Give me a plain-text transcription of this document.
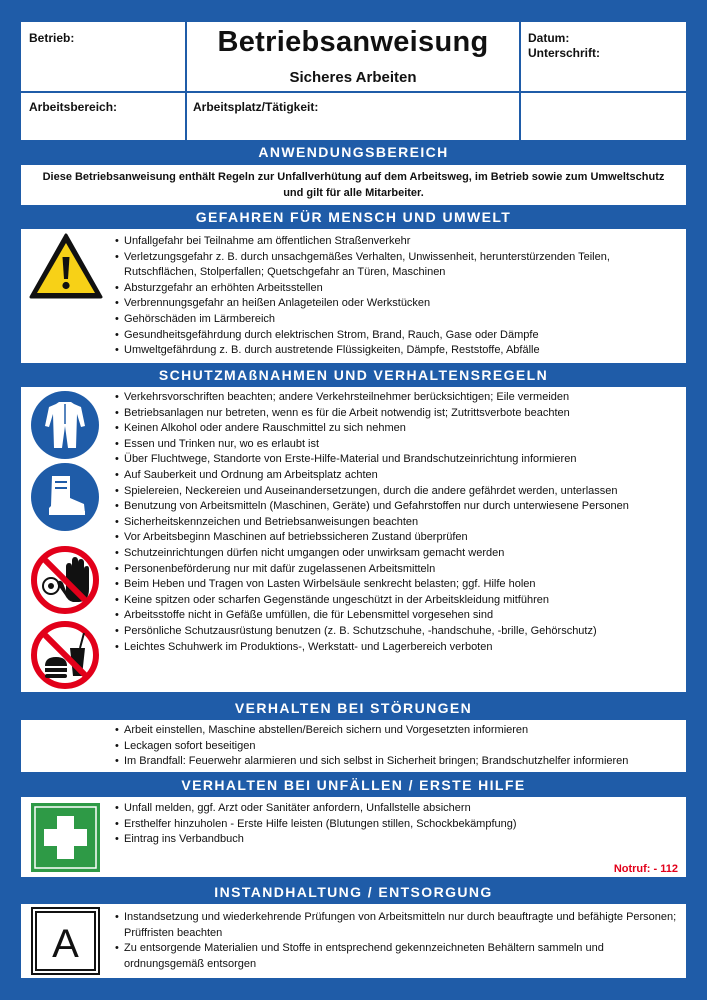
Betrieb:	Betriebsanweisung
Sicheres Arbeiten
Datum:
Unterschrift:
Arbeitsbereich:	Arbeitsplatz/Tätigkeit:
ANWENDUNGSBEREICH
Diese Betriebsanweisung enthält Regeln zur Unfallverhütung auf dem Arbeitsweg, im Betrieb sowie zum Umweltschutz
und gilt für alle Mitarbeiter.
GEFAHREN FÜR MENSCH UND UMWELT
• Unfallgefahr bei Teilnahme am öffentlichen Straßenverkehr
• Verletzungsgefahr z. B. durch unsachgemäßes Verhalten, Unwissenheit, herunterstürzenden Teilen, Rutschflächen, Stolperfallen; Quetschgefahr an Türen, Maschinen
• Absturzgefahr an erhöhten Arbeitsstellen
• Verbrennungsgefahr an heißen Anlageteilen oder Werkstücken
• Gehörschäden im Lärmbereich
• Gesundheitsgefährdung durch elektrischen Strom, Brand, Rauch, Gase oder Dämpfe
• Umweltgefährdung z. B. durch austretende Flüssigkeiten, Dämpfe, Reststoffe, Abfälle
SCHUTZMAßNAHMEN UND VERHALTENSREGELN
• Verkehrsvorschriften beachten; andere Verkehrsteilnehmer berücksichtigen; Eile vermeiden
• Betriebsanlagen nur betreten, wenn es für die Arbeit notwendig ist; Zutrittsverbote beachten
• Keinen Alkohol oder andere Rauschmittel zu sich nehmen
• Essen und Trinken nur, wo es erlaubt ist
• Über Fluchtwege, Standorte von Erste-Hilfe-Material und Brandschutzeinrichtung informieren
• Auf Sauberkeit und Ordnung am Arbeitsplatz achten
• Spielereien, Neckereien und Auseinandersetzungen, durch die andere gefährdet werden, unterlassen
• Benutzung von Arbeitsmitteln (Maschinen, Geräte) und Gefahrstoffen nur durch unterwiesene Personen
• Sicherheitskennzeichen und Betriebsanweisungen beachten
• Vor Arbeitsbeginn Maschinen auf betriebssicheren Zustand überprüfen
• Schutzeinrichtungen dürfen nicht umgangen oder unwirksam gemacht werden
• Personenbeförderung nur mit dafür zugelassenen Arbeitsmitteln
• Beim Heben und Tragen von Lasten Wirbelsäule senkrecht belasten; ggf. Hilfe holen
• Keine spitzen oder scharfen Gegenstände ungeschützt in der Arbeitskleidung mitführen
• Arbeitsstoffe nicht in Gefäße umfüllen, die für Lebensmittel vorgesehen sind
• Persönliche Schutzausrüstung benutzen (z. B. Schutzschuhe, -handschuhe, -brille, Gehörschutz)
• Leichtes Schuhwerk im Produktions-, Werkstatt- und Lagerbereich verboten
VERHALTEN BEI STÖRUNGEN
• Arbeit einstellen, Maschine abstellen/Bereich sichern und Vorgesetzten informieren
• Leckagen sofort beseitigen
• Im Brandfall: Feuerwehr alarmieren und sich selbst in Sicherheit bringen; Brandschutzhelfer informieren
VERHALTEN BEI UNFÄLLEN / ERSTE HILFE
• Unfall melden, ggf. Arzt oder Sanitäter anfordern, Unfallstelle absichern
• Ersthelfer hinzuholen - Erste Hilfe leisten (Blutungen stillen, Schockbekämpfung)
• Eintrag ins Verbandbuch
Notruf: - 112
INSTANDHALTUNG / ENTSORGUNG
A
• Instandsetzung und wiederkehrende Prüfungen von Arbeitsmitteln nur durch beauftragte und befähigte Personen; Prüffristen beachten
• Zu entsorgende Materialien und Stoffe in entsprechend gekennzeichneten Behältern sammeln und ordnungsgemäß entsorgen
